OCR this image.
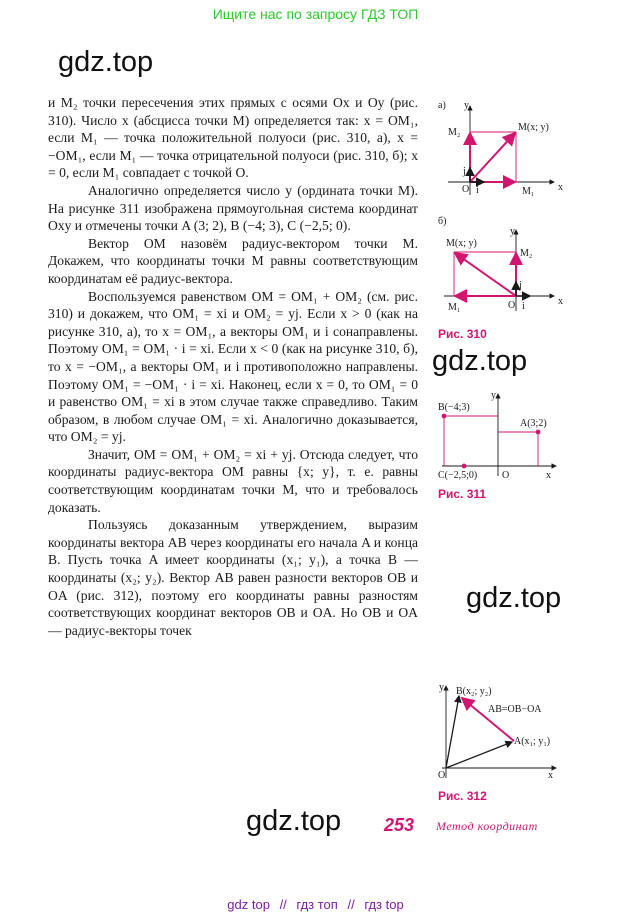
Ищите нас по запросу ГДЗ ТОП
gdz.top
gdz.top
gdz.top
gdz.top

и M₂ точки пересечения этих прямых с осями Ox и Oy (рис. 310). Число x (абсцисса точки M) определяется так: x = OM₁, если M₁ — точка положительной полуоси (рис. 310, a), x = −OM₁, если M₁ — точка отрицательной полуоси (рис. 310, б); x = 0, если M₁ совпадает с точкой O.

Аналогично определяется число y (ордината точки M). На рисунке 311 изображена прямоугольная система координат Oxy и отмечены точки A (3; 2), B (−4; 3), C (−2,5; 0).

Вектор OM назовём радиус-вектором точки M. Докажем, что координаты точки M равны соответствующим координатам её радиус-вектора.

Воспользуемся равенством OM = OM₁ + OM₂ (см. рис. 310) и докажем, что OM₁ = xi и OM₂ = yj. Если x > 0 (как на рисунке 310, a), то x = OM₁, а векторы OM₁ и i сонаправлены. Поэтому OM₁ = OM₁ · i = xi. Если x < 0 (как на рисунке 310, б), то x = −OM₁, а векторы OM₁ и i противоположно направлены. Поэтому OM₁ = −OM₁ · i = xi. Наконец, если x = 0, то OM₁ = 0 и равенство OM₁ = xi в этом случае также справедливо. Таким образом, в любом случае OM₁ = xi. Аналогично доказывается, что OM₂ = yj.

Значит, OM = OM₁ + OM₂ = xi + yj. Отсюда следует, что координаты радиус-вектора OM равны {x; y}, т. е. равны соответствующим координатам точки M, что и требовалось доказать.

Пользуясь доказанным утверждением, выразим координаты вектора AB через координаты его начала A и конца B. Пусть точка A имеет координаты (x₁; y₁), а точка B — координаты (x₂; y₂). Вектор AB равен разности векторов OB и OA (рис. 312), поэтому его координаты равны разностям соответствующих координат векторов OB и OA. Но OB и OA — радиус-векторы точек

а) y
x
O
M₂	M(x; y)
M₁
i
j
б)
y
x
O
M₂
M(x; y)
M₁	i
j
Рис. 310
B(−4;3)
A(3;2)
C(−2,5;0)
y
x
O
Рис. 311
B(x₂; y₂)
AB=OB−OA
A(x₁; y₁)
y
x
O
Рис. 312
253 Метод координат
gdz top // гдз топ // гдз top
